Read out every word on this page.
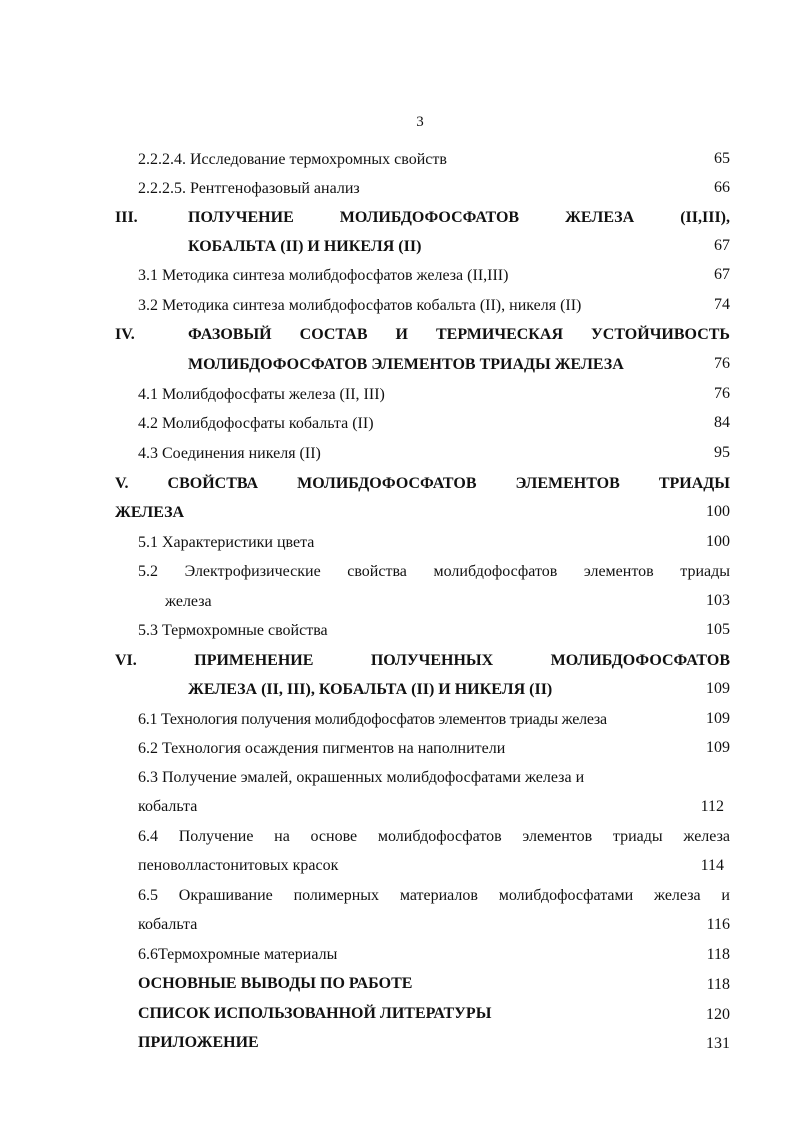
3
2.2.2.4. Исследование термохромных свойств	65
2.2.2.5. Рентгенофазовый анализ	66
III.	ПОЛУЧЕНИЕ МОЛИБДОФОСФАТОВ ЖЕЛЕЗА (II,III),
КОБАЛЬТА (II) И НИКЕЛЯ (II)	67
3.1 Методика синтеза молибдофосфатов железа (II,III)	67
3.2 Методика синтеза молибдофосфатов кобальта (II), никеля (II)	74
IV.	ФАЗОВЫЙ СОСТАВ И ТЕРМИЧЕСКАЯ УСТОЙЧИВОСТЬ
МОЛИБДОФОСФАТОВ ЭЛЕМЕНТОВ ТРИАДЫ ЖЕЛЕЗА	76
4.1 Молибдофосфаты железа (II, III)	76
4.2 Молибдофосфаты кобальта (II)	84
4.3 Соединения никеля (II)	95
V. СВОЙСТВА МОЛИБДОФОСФАТОВ ЭЛЕМЕНТОВ ТРИАДЫ
ЖЕЛЕЗА	100
5.1 Характеристики цвета	100
5.2 Электрофизические свойства молибдофосфатов элементов триады
железа	103
5.3 Термохромные свойства	105
VI. ПРИМЕНЕНИЕ ПОЛУЧЕННЫХ МОЛИБДОФОСФАТОВ
ЖЕЛЕЗА (II, III), КОБАЛЬТА (II) И НИКЕЛЯ (II)	109
6.1 Технология получения молибдофосфатов элементов триады железа	109
6.2 Технология осаждения пигментов на наполнители	109
6.3 Получение эмалей, окрашенных молибдофосфатами железа и
кобальта	112
6.4 Получение на основе молибдофосфатов элементов триады железа
пеноволластонитовых красок	114
6.5 Окрашивание полимерных материалов молибдофосфатами железа и
кобальта	116
6.6Термохромные материалы	118
ОСНОВНЫЕ ВЫВОДЫ ПО РАБОТЕ	118
СПИСОК ИСПОЛЬЗОВАННОЙ ЛИТЕРАТУРЫ	120
ПРИЛОЖЕНИЕ	131
